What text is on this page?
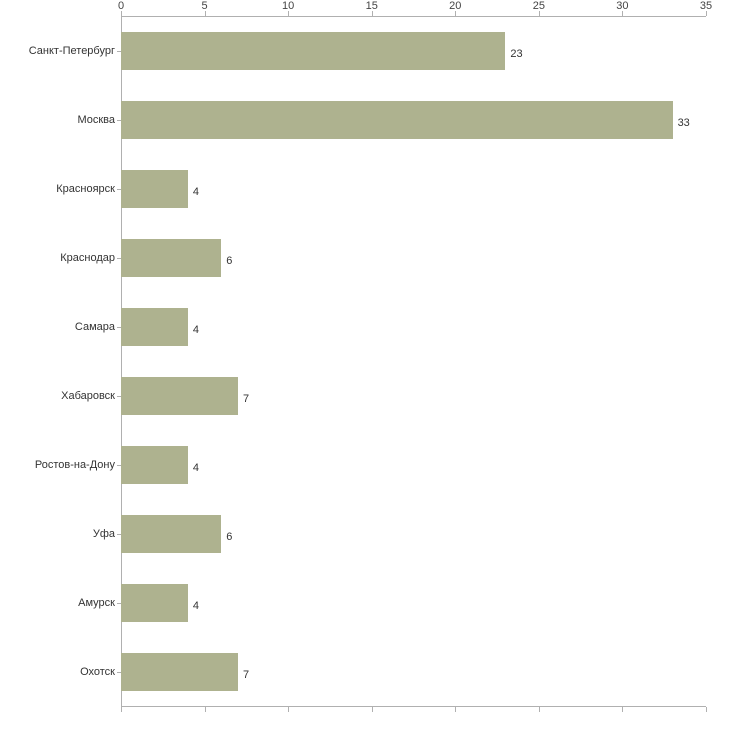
0	5	10	15	20	25	30	35
Санкт-Петербург
Москва
Красноярск
Краснодар
Самара
Хабаровск
Ростов-на-Дону
Уфа
Амурск
Охотск
23
33
4
6
4
7
4
6
4
7
